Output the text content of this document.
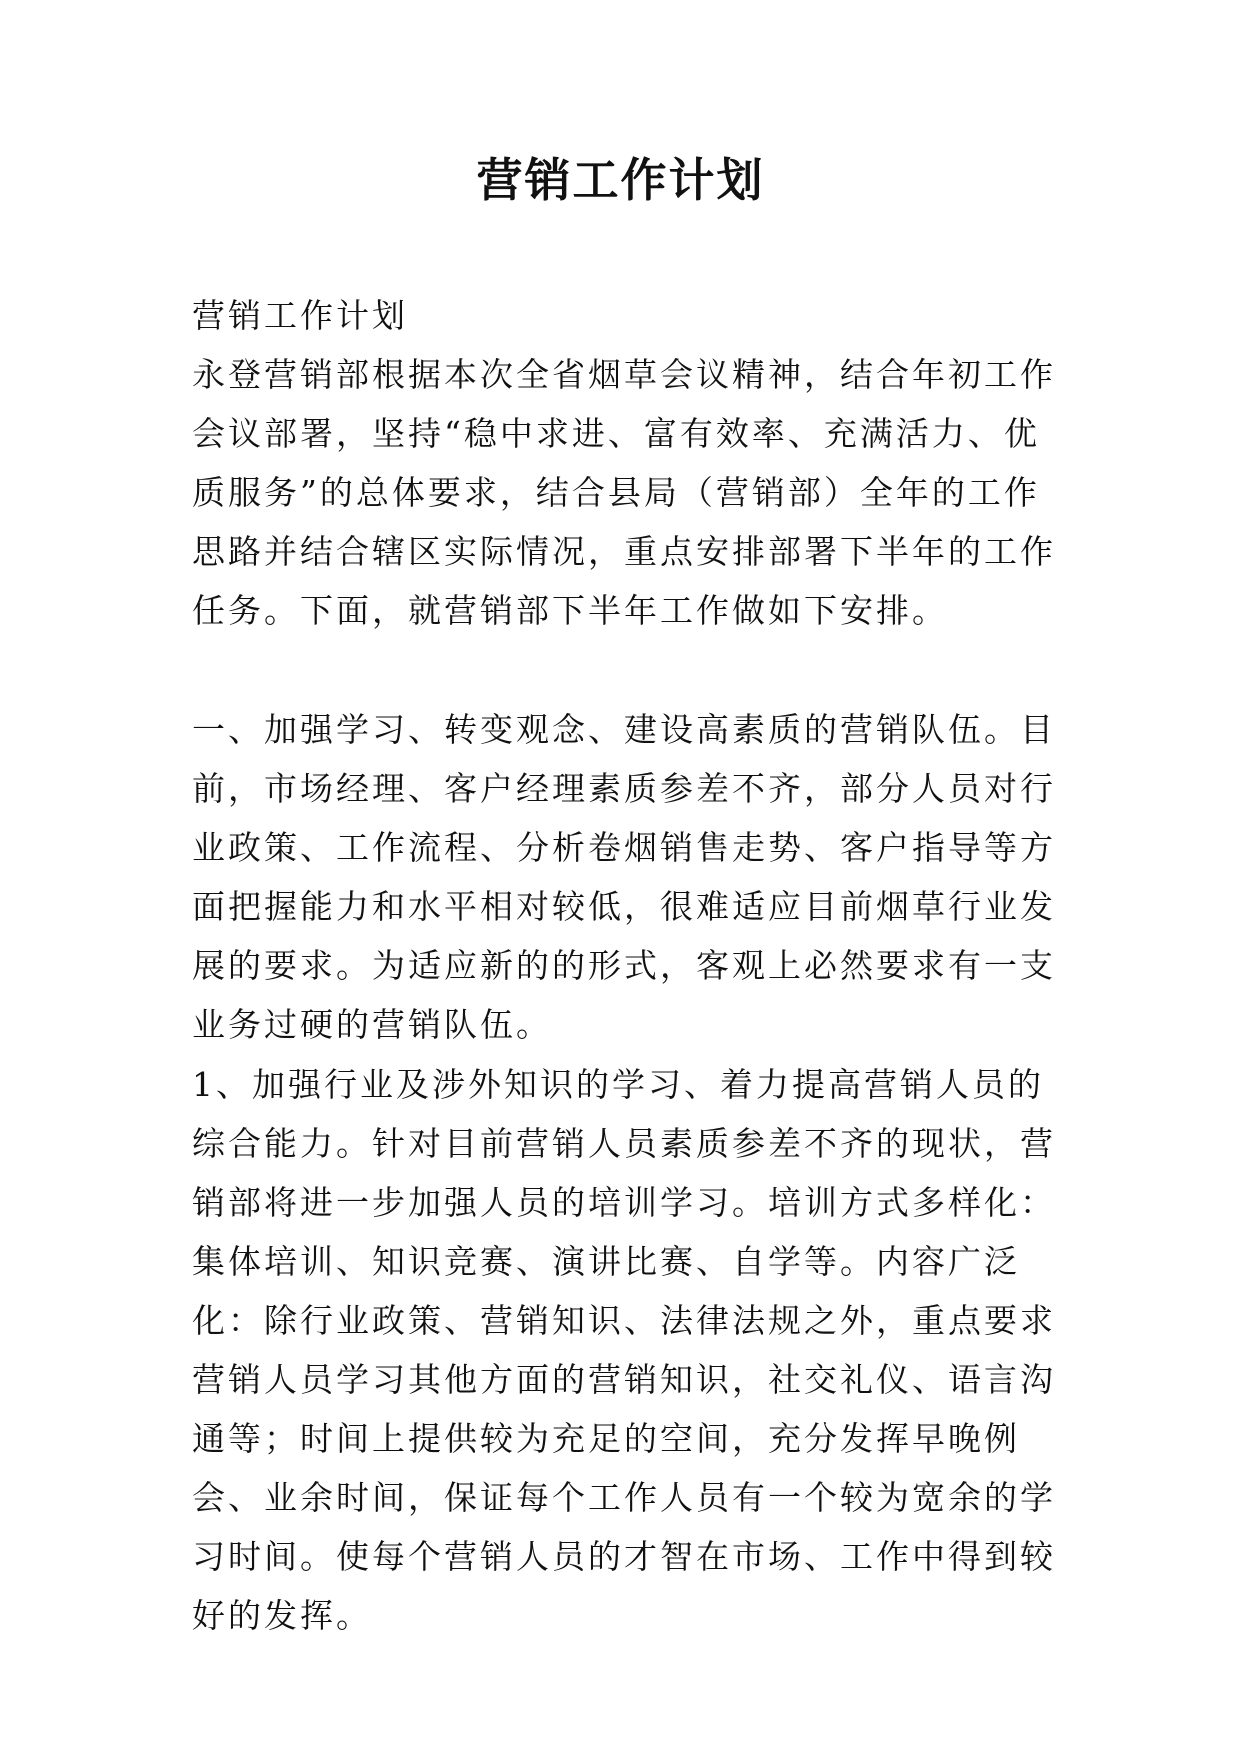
营销工作计划

营销工作计划

永登营销部根据本次全省烟草会议精神，结合年初工作会议部署，坚持“稳中求进、富有效率、充满活力、优质服务”的总体要求，结合县局（营销部）全年的工作思路并结合辖区实际情况，重点安排部署下半年的工作任务。下面，就营销部下半年工作做如下安排。

一、加强学习、转变观念、建设高素质的营销队伍。目前，市场经理、客户经理素质参差不齐，部分人员对行业政策、工作流程、分析卷烟销售走势、客户指导等方面把握能力和水平相对较低，很难适应目前烟草行业发展的要求。为适应新的的形式，客观上必然要求有一支业务过硬的营销队伍。

1、加强行业及涉外知识的学习、着力提高营销人员的综合能力。针对目前营销人员素质参差不齐的现状，营销部将进一步加强人员的培训学习。培训方式多样化：集体培训、知识竞赛、演讲比赛、自学等。内容广泛化：除行业政策、营销知识、法律法规之外，重点要求营销人员学习其他方面的营销知识，社交礼仪、语言沟通等；时间上提供较为充足的空间，充分发挥早晚例会、业余时间，保证每个工作人员有一个较为宽余的学习时间。使每个营销人员的才智在市场、工作中得到较好的发挥。
